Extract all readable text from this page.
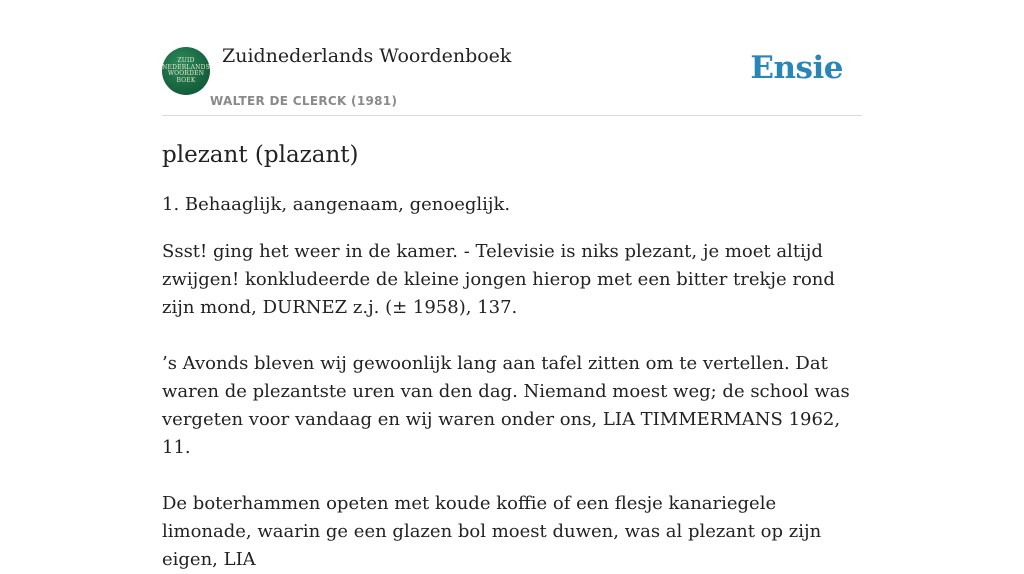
ZUID
NEDERLANDS
WOORDEN
BOEK
Zuidnederlands Woordenboek
WALTER DE CLERCK (1981)
Ensie
plezant (plazant)

1. Behaaglijk, aangenaam, genoeglijk.

Ssst! ging het weer in de kamer. - Televisie is niks plezant, je moet altijd zwijgen! konkludeerde de kleine jongen hierop met een bitter trekje rond zijn mond, DURNEZ z.j. (± 1958), 137.

’s Avonds bleven wij gewoonlijk lang aan tafel zitten om te vertellen. Dat waren de plezantste uren van den dag. Niemand moest weg; de school was vergeten voor vandaag en wij waren onder ons, LIA TIMMERMANS 1962, 11.

De boterhammen opeten met koude koffie of een flesje kanariegele limonade, waarin ge een glazen bol moest duwen, was al plezant op zijn eigen, LIA
